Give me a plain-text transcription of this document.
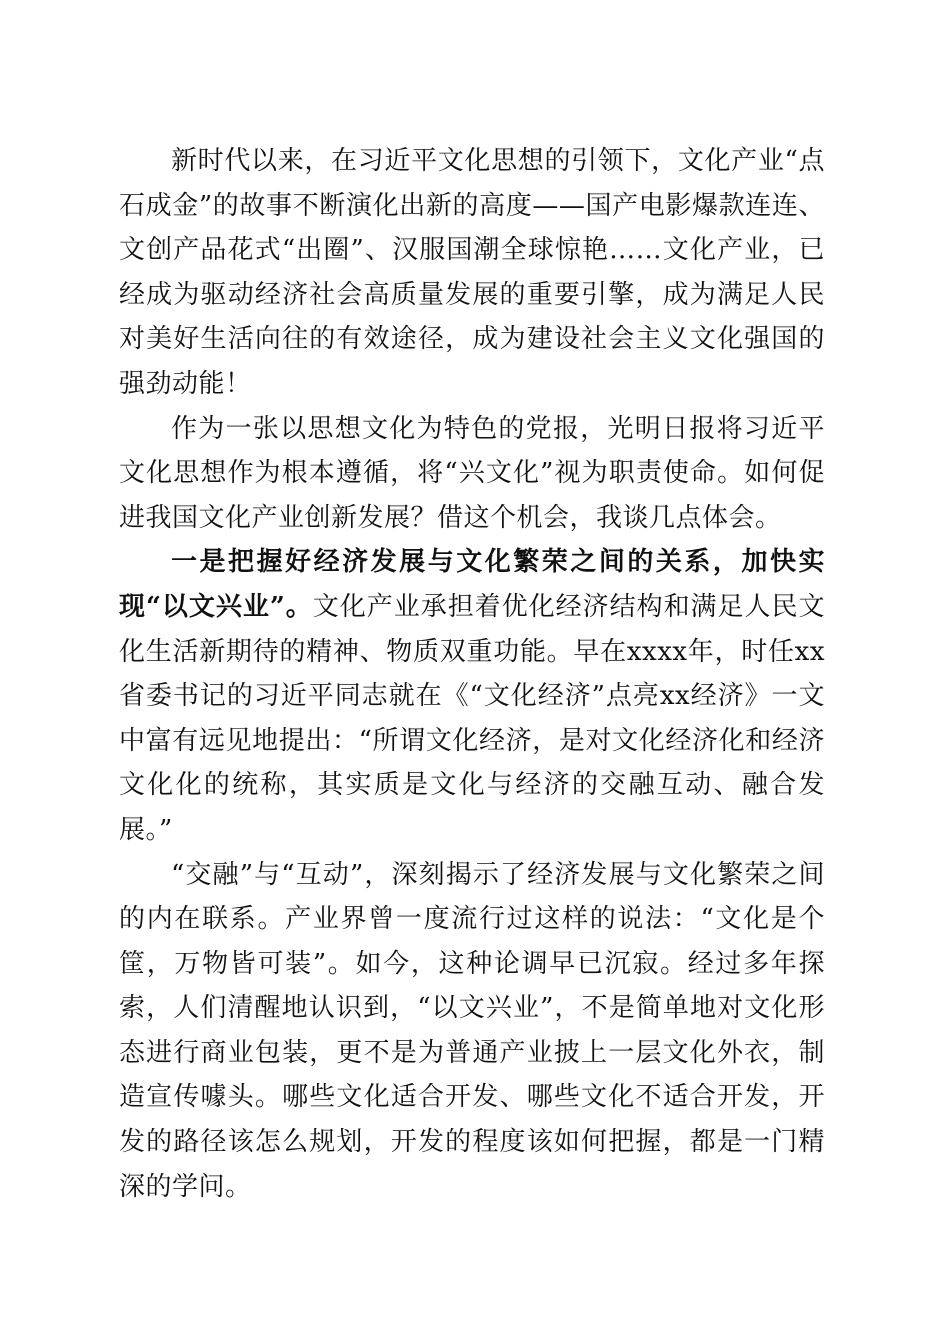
新时代以来，在习近平文化思想的引领下，文化产业“点石成金”的故事不断演化出新的高度——国产电影爆款连连、文创产品花式“出圈”、汉服国潮全球惊艳……文化产业，已经成为驱动经济社会高质量发展的重要引擎，成为满足人民对美好生活向往的有效途径，成为建设社会主义文化强国的强劲动能！

作为一张以思想文化为特色的党报，光明日报将习近平文化思想作为根本遵循，将“兴文化”视为职责使命。如何促进我国文化产业创新发展？借这个机会，我谈几点体会。

一是把握好经济发展与文化繁荣之间的关系，加快实现“以文兴业”。文化产业承担着优化经济结构和满足人民文化生活新期待的精神、物质双重功能。早在xxxx年，时任xx省委书记的习近平同志就在《“文化经济”点亮xx经济》一文中富有远见地提出：“所谓文化经济，是对文化经济化和经济文化化的统称，其实质是文化与经济的交融互动、融合发展。”

“交融”与“互动”，深刻揭示了经济发展与文化繁荣之间的内在联系。产业界曾一度流行过这样的说法：“文化是个筐，万物皆可装”。如今，这种论调早已沉寂。经过多年探索，人们清醒地认识到，“以文兴业”，不是简单地对文化形态进行商业包装，更不是为普通产业披上一层文化外衣，制造宣传噱头。哪些文化适合开发、哪些文化不适合开发，开发的路径该怎么规划，开发的程度该如何把握，都是一门精深的学问。
